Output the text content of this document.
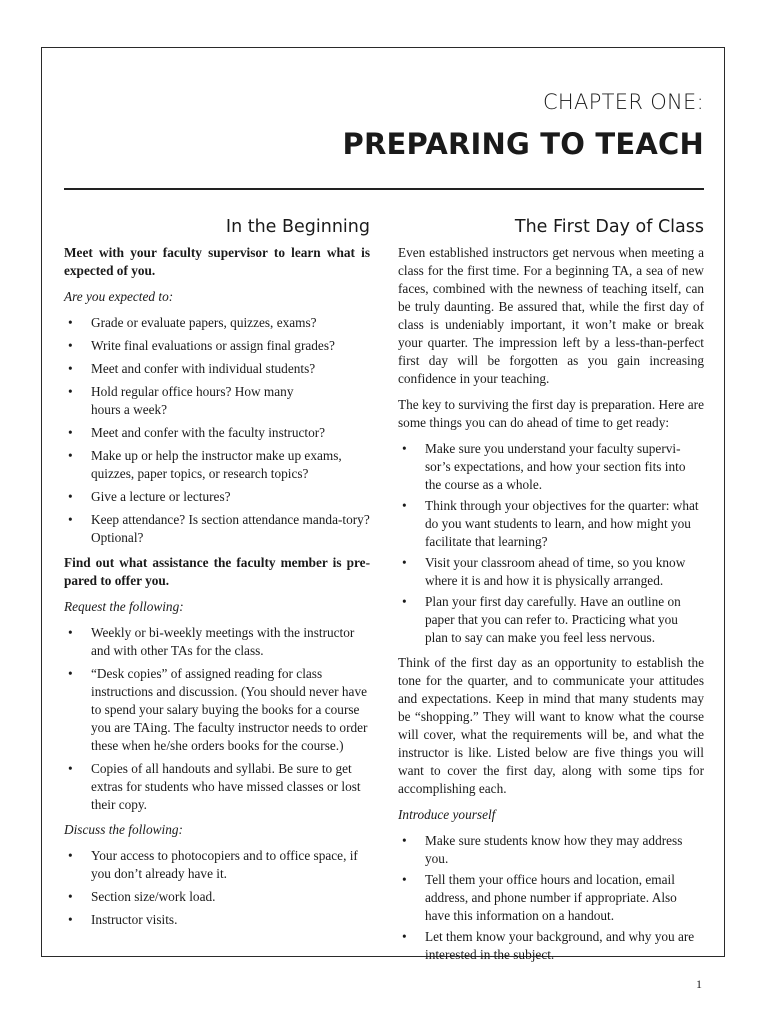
CHAPTER ONE:
PREPARING TO TEACH
In the Beginning

Meet with your faculty supervisor to learn what is expected of you.

Are you expected to:

• Grade or evaluate papers, quizzes, exams?
• Write final evaluations or assign final grades?
• Meet and confer with individual students?
• Hold regular office hours? How many hours a week?
• Meet and confer with the faculty instructor?
• Make up or help the instructor make up exams, quizzes, paper topics, or research topics?
• Give a lecture or lectures?
• Keep attendance? Is section attendance manda-tory? Optional?

Find out what assistance the faculty member is pre-pared to offer you.

Request the following:

• Weekly or bi-weekly meetings with the instructor and with other TAs for the class.
• “Desk copies” of assigned reading for class instructions and discussion. (You should never have to spend your salary buying the books for a course you are TAing. The faculty instructor needs to order these when he/she orders books for the course.)
• Copies of all handouts and syllabi. Be sure to get extras for students who have missed classes or lost their copy.

Discuss the following:

• Your access to photocopiers and to office space, if you don’t already have it.
• Section size/work load.
• Instructor visits.
The First Day of Class

Even established instructors get nervous when meeting a class for the first time. For a beginning TA, a sea of new faces, combined with the newness of teaching itself, can be truly daunting. Be assured that, while the first day of class is undeniably important, it won’t make or break your quarter. The impression left by a less-than-perfect first day will be forgotten as you gain increasing confidence in your teaching.

The key to surviving the first day is preparation. Here are some things you can do ahead of time to get ready:

• Make sure you understand your faculty supervi-sor’s expectations, and how your section fits into the course as a whole.
• Think through your objectives for the quarter: what do you want students to learn, and how might you facilitate that learning?
• Visit your classroom ahead of time, so you know where it is and how it is physically arranged.
• Plan your first day carefully. Have an outline on paper that you can refer to. Practicing what you plan to say can make you feel less nervous.

Think of the first day as an opportunity to establish the tone for the quarter, and to communicate your attitudes and expectations. Keep in mind that many students may be “shopping.” They will want to know what the course will cover, what the requirements will be, and what the instructor is like. Listed below are five things you will want to cover the first day, along with some tips for accomplishing each.

Introduce yourself

• Make sure students know how they may address you.
• Tell them your office hours and location, email address, and phone number if appropriate. Also have this information on a handout.
• Let them know your background, and why you are interested in the subject.
1
